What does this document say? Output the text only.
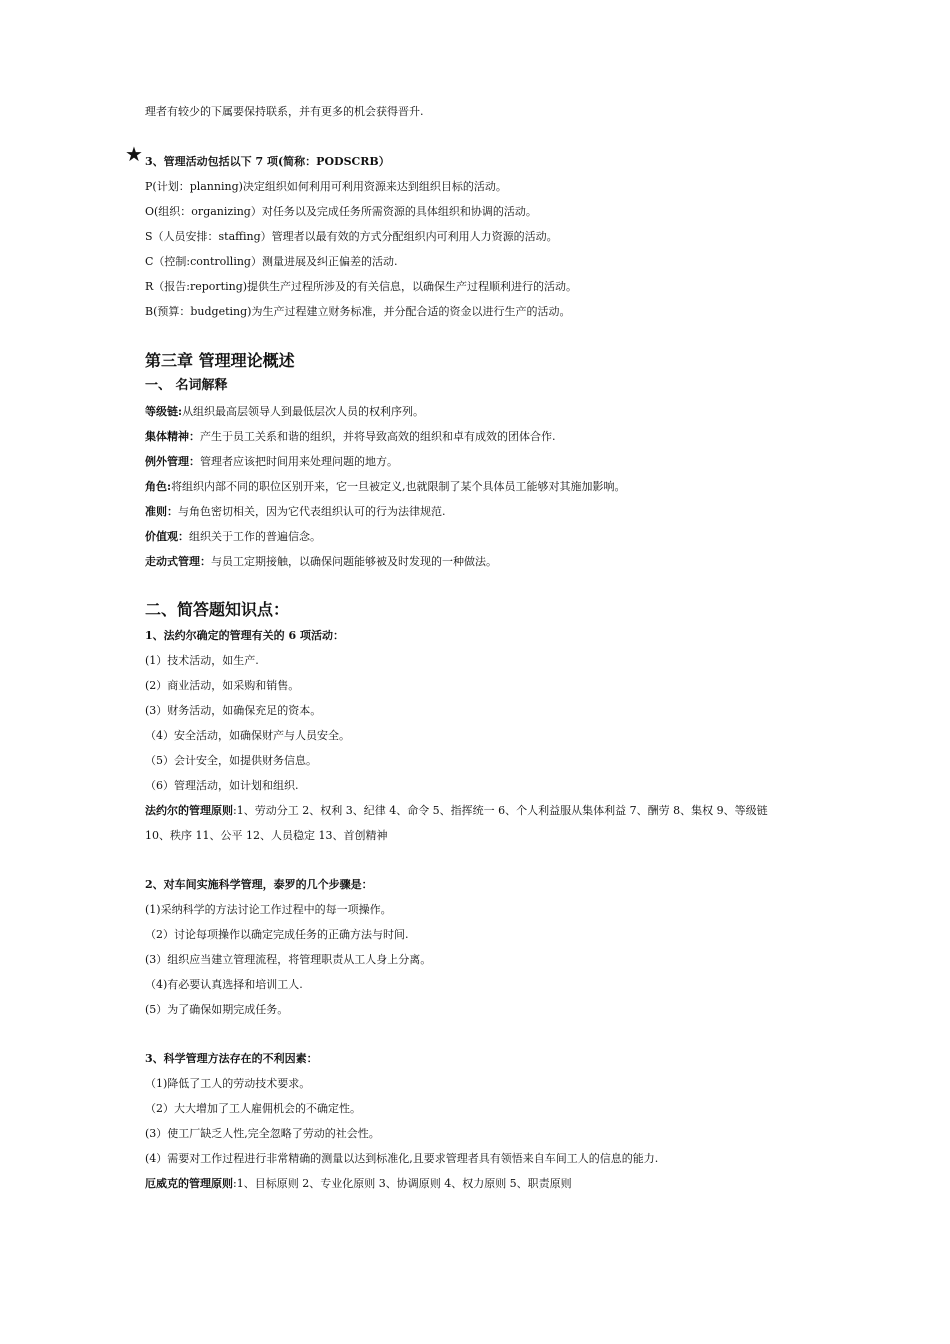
理者有较少的下属要保持联系，并有更多的机会获得晋升.
★ 3、管理活动包括以下 7 项(简称：PODSCRB）
P(计划：planning)决定组织如何利用可利用资源来达到组织目标的活动。
O(组织：organizing）对任务以及完成任务所需资源的具体组织和协调的活动。
S（人员安排：staffing）管理者以最有效的方式分配组织内可利用人力资源的活动。
C（控制:controlling）测量进展及纠正偏差的活动.
R（报告:reporting)提供生产过程所涉及的有关信息，以确保生产过程顺利进行的活动。
B(预算：budgeting)为生产过程建立财务标准，并分配合适的资金以进行生产的活动。
第三章 管理理论概述
一、 名词解释
等级链:从组织最高层领导人到最低层次人员的权利序列。
集体精神：产生于员工关系和谐的组织，并将导致高效的组织和卓有成效的团体合作.
例外管理：管理者应该把时间用来处理问题的地方。
角色:将组织内部不同的职位区别开来，它一旦被定义,也就限制了某个具体员工能够对其施加影响。
准则：与角色密切相关，因为它代表组织认可的行为法律规范.
价值观：组织关于工作的普遍信念。
走动式管理：与员工定期接触，以确保问题能够被及时发现的一种做法。
二、简答题知识点：
1、法约尔确定的管理有关的 6 项活动：
(1）技术活动，如生产.
(2）商业活动，如采购和销售。
(3）财务活动，如确保充足的资本。
（4）安全活动，如确保财产与人员安全。
（5）会计安全，如提供财务信息。
（6）管理活动，如计划和组织.
法约尔的管理原则:1、劳动分工 2、权利 3、纪律 4、命令 5、指挥统一 6、个人利益服从集体利益 7、酬劳 8、集权 9、等级链
10、秩序 11、公平 12、人员稳定 13、首创精神
2、对车间实施科学管理，泰罗的几个步骤是：
(1)采纳科学的方法讨论工作过程中的每一项操作。
（2）讨论每项操作以确定完成任务的正确方法与时间.
(3）组织应当建立管理流程，将管理职责从工人身上分离。
（4)有必要认真选择和培训工人.
(5）为了确保如期完成任务。
3、科学管理方法存在的不利因素：
（1)降低了工人的劳动技术要求。
（2）大大增加了工人雇佣机会的不确定性。
(3）使工厂缺乏人性,完全忽略了劳动的社会性。
(4）需要对工作过程进行非常精确的测量以达到标准化,且要求管理者具有领悟来自车间工人的信息的能力.
厄威克的管理原则:1、目标原则 2、专业化原则 3、协调原则 4、权力原则 5、职责原则
